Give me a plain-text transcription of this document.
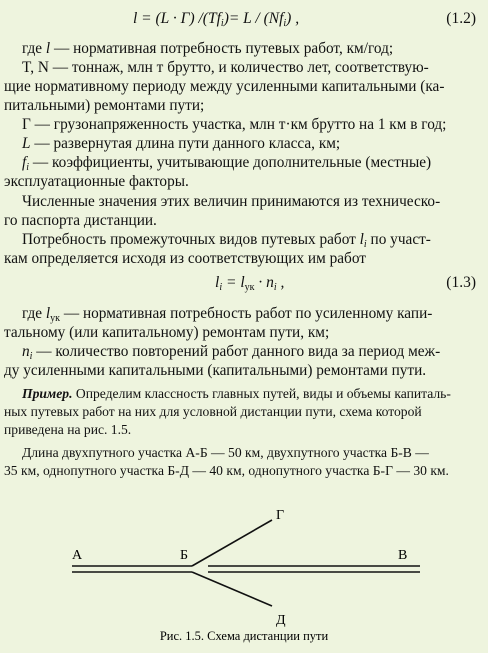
l = (L · Г) $/(Tf_i)= L / (Nf_i)$ ,	(1.2)
где l — нормативная потребность путевых работ, км/год;
T, N — тоннаж, млн т брутто, и количество лет, соответствую-
щие нормативному периоду между усиленными капитальными (ка-
питальными) ремонтами пути;
Г — грузонапряженность участка, млн т·км брутто на 1 км в год;
L — развернутая длина пути данного класса, км;
$f_i$ — коэффициенты, учитывающие дополнительные (местные)
эксплуатационные факторы.
Численные значения этих величин принимаются из техническо-
го паспорта дистанции.
Потребность промежуточных видов путевых работ $l_i$ по участ-
кам определяется исходя из соответствующих им работ
$l_i = l_{ук} \cdot n_i$ ,	(1.3)
где $l_{ук}$ — нормативная потребность работ по усиленному капи-
тальному (или капитальному) ремонтам пути, км;
$n_i$ — количество повторений работ данного вида за период меж-
ду усиленными капитальными (капитальными) ремонтами пути.
Пример. Определим классность главных путей, виды и объемы капиталь-
ных путевых работ на них для условной дистанции пути, схема которой
приведена на рис. 1.5.
Длина двухпутного участка А-Б — 50 км, двухпутного участка Б-В —
35 км, однопутного участка Б-Д — 40 км, однопутного участка Б-Г — 30 км.
А	Б	В
Г
Д
Рис. 1.5. Схема дистанции пути
